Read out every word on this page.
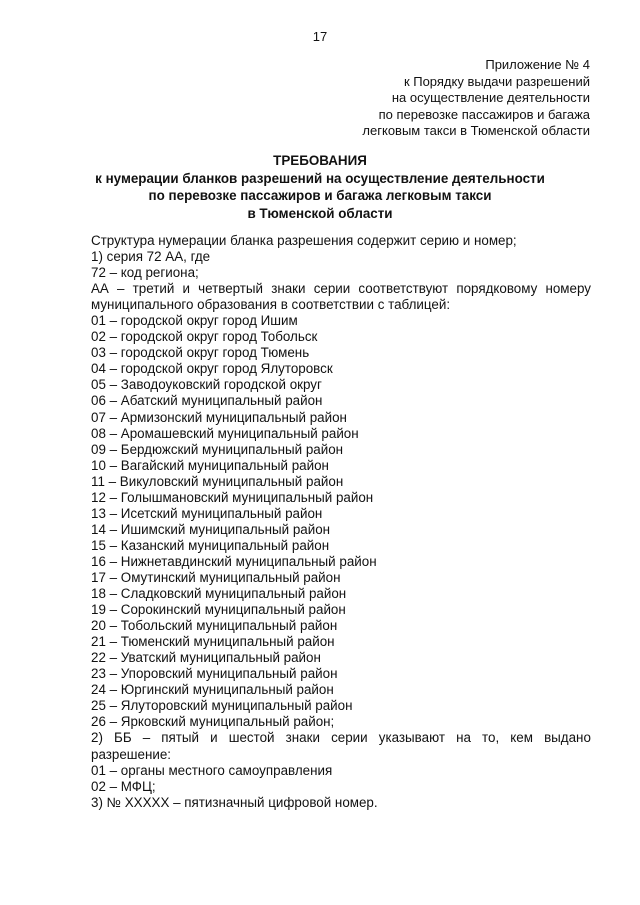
17
Приложение № 4
к Порядку выдачи разрешений
на осуществление деятельности
по перевозке пассажиров и багажа
легковым такси в Тюменской области
ТРЕБОВАНИЯ
к нумерации бланков разрешений на осуществление деятельности
по перевозке пассажиров и багажа легковым такси
в Тюменской области
Структура нумерации бланка разрешения содержит серию и номер;
1) серия 72 АА, где
72 – код региона;
АА – третий и четвертый знаки серии соответствуют порядковому номеру
муниципального образования в соответствии с таблицей:
01 – городской округ город Ишим
02 – городской округ город Тобольск
03 – городской округ город Тюмень
04 – городской округ город Ялуторовск
05 – Заводоуковский городской округ
06 – Абатский муниципальный район
07 – Армизонский муниципальный район
08 – Аромашевский муниципальный район
09 – Бердюжский муниципальный район
10 – Вагайский муниципальный район
11 – Викуловский муниципальный район
12 – Голышмановский муниципальный район
13 – Исетский муниципальный район
14 – Ишимский муниципальный район
15 – Казанский муниципальный район
16 – Нижнетавдинский муниципальный район
17 – Омутинский муниципальный район
18 – Сладковский муниципальный район
19 – Сорокинский муниципальный район
20 – Тобольский муниципальный район
21 – Тюменский муниципальный район
22 – Уватский муниципальный район
23 – Упоровский муниципальный район
24 – Юргинский муниципальный район
25 – Ялуторовский муниципальный район
26 – Ярковский муниципальный район;
2) ББ – пятый и шестой знаки серии указывают на то, кем выдано
разрешение:
01 – органы местного самоуправления
02 – МФЦ;
3) № ХХХХХ – пятизначный цифровой номер.
